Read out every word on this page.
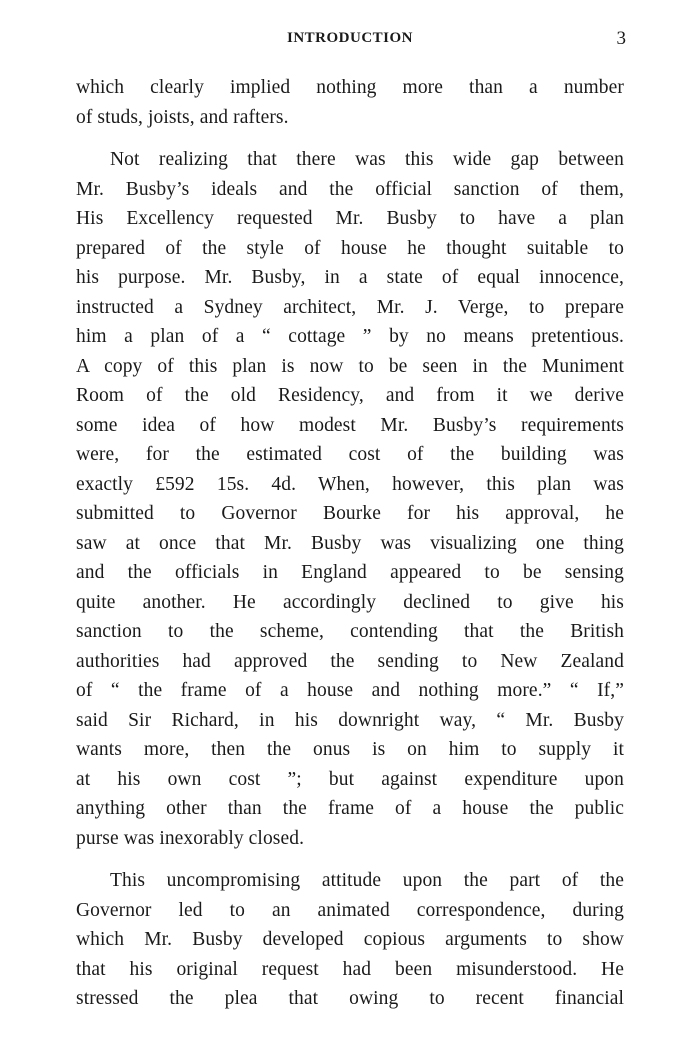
INTRODUCTION	3
which clearly implied nothing more than a number
of studs, joists, and rafters.
Not realizing that there was this wide gap between
Mr. Busby’s ideals and the official sanction of them,
His Excellency requested Mr. Busby to have a plan
prepared of the style of house he thought suitable to
his purpose. Mr. Busby, in a state of equal innocence,
instructed a Sydney architect, Mr. J. Verge, to prepare
him a plan of a “ cottage ” by no means pretentious.
A copy of this plan is now to be seen in the Muniment
Room of the old Residency, and from it we derive
some idea of how modest Mr. Busby’s requirements
were, for the estimated cost of the building was
exactly £592 15s. 4d. When, however, this plan was
submitted to Governor Bourke for his approval, he
saw at once that Mr. Busby was visualizing one thing
and the officials in England appeared to be sensing
quite another. He accordingly declined to give his
sanction to the scheme, contending that the British
authorities had approved the sending to New Zealand
of “ the frame of a house and nothing more.” “ If,”
said Sir Richard, in his downright way, “ Mr. Busby
wants more, then the onus is on him to supply it
at his own cost ”; but against expenditure upon
anything other than the frame of a house the public
purse was inexorably closed.
This uncompromising attitude upon the part of the
Governor led to an animated correspondence, during
which Mr. Busby developed copious arguments to show
that his original request had been misunderstood. He
stressed the plea that owing to recent financial
